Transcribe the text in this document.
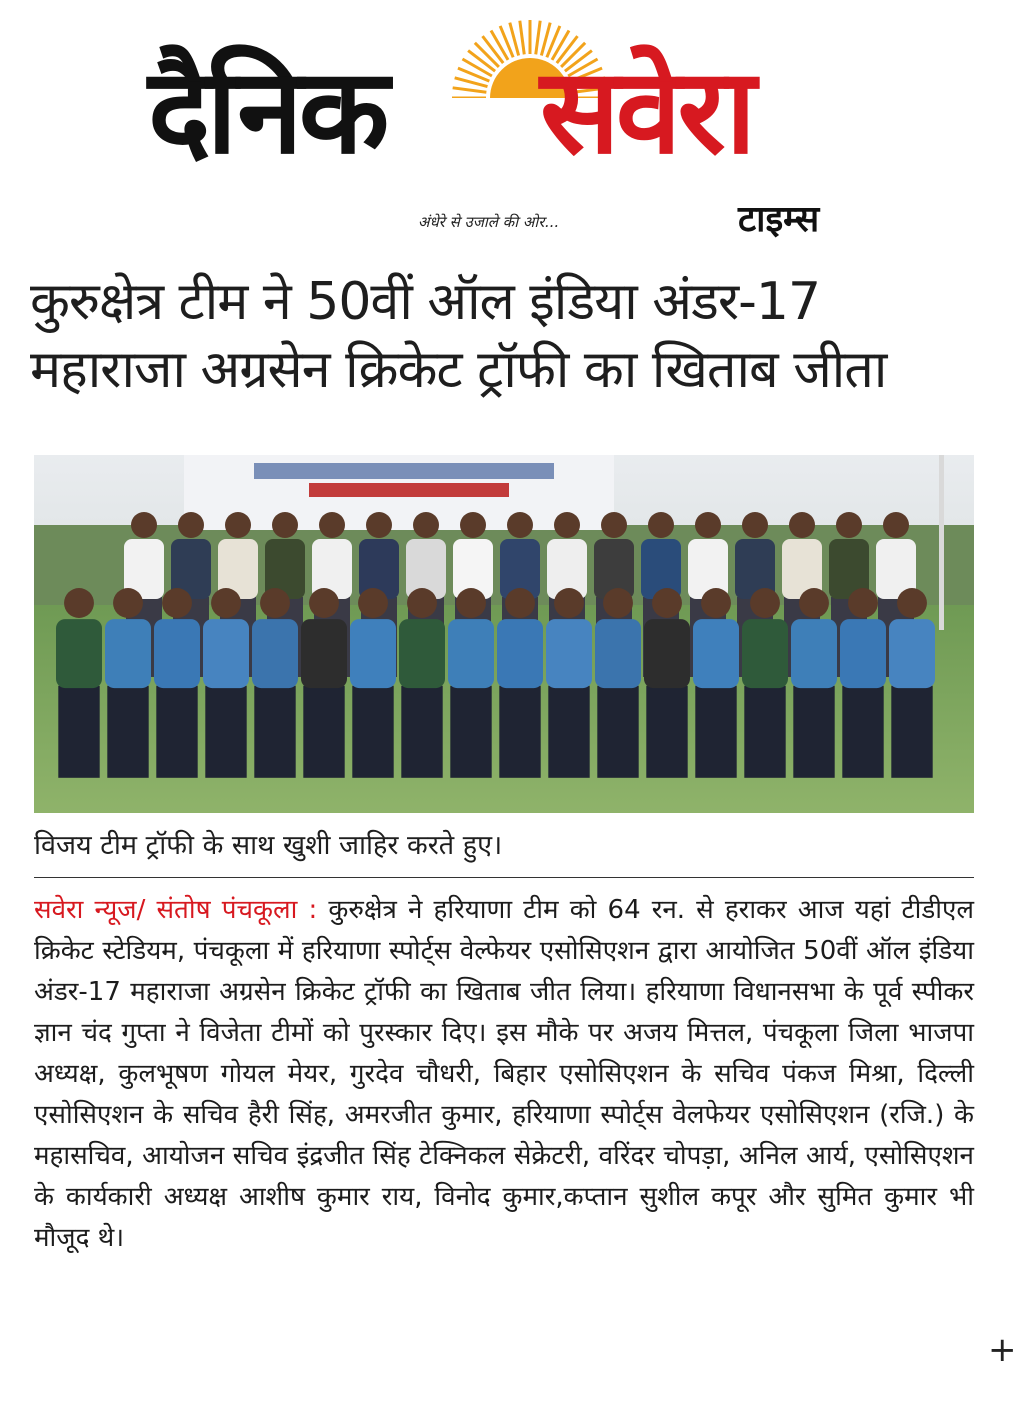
दैनिक सवेरा
अंधेरे से उजाले की ओर...	टाइम्स
कुरुक्षेत्र टीम ने 50वीं ऑल इंडिया अंडर-17 महाराजा अग्रसेन क्रिकेट ट्रॉफी का खिताब जीता
विजय टीम ट्रॉफी के साथ खुशी जाहिर करते हुए।

सवेरा न्यूज/ संतोष पंचकूला : कुरुक्षेत्र ने हरियाणा टीम को 64 रन. से हराकर आज यहां टीडीएल क्रिकेट स्टेडियम, पंचकूला में हरियाणा स्पोर्ट्स वेल्फेयर एसोसिएशन द्वारा आयोजित 50वीं ऑल इंडिया अंडर-17 महाराजा अग्रसेन क्रिकेट ट्रॉफी का खिताब जीत लिया। हरियाणा विधानसभा के पूर्व स्पीकर ज्ञान चंद गुप्ता ने विजेता टीमों को पुरस्कार दिए। इस मौके पर अजय मित्तल, पंचकूला जिला भाजपा अध्यक्ष, कुलभूषण गोयल मेयर, गुरदेव चौधरी, बिहार एसोसिएशन के सचिव पंकज मिश्रा, दिल्ली एसोसिएशन के सचिव हैरी सिंह, अमरजीत कुमार, हरियाणा स्पोर्ट्स वेलफेयर एसोसिएशन (रजि.) के महासचिव, आयोजन सचिव इंद्रजीत सिंह टेक्निकल सेक्रेटरी, वरिंदर चोपड़ा, अनिल आर्य, एसोसिएशन के कार्यकारी अध्यक्ष आशीष कुमार राय, विनोद कुमार,कप्तान सुशील कपूर और सुमित कुमार भी मौजूद थे।

+
